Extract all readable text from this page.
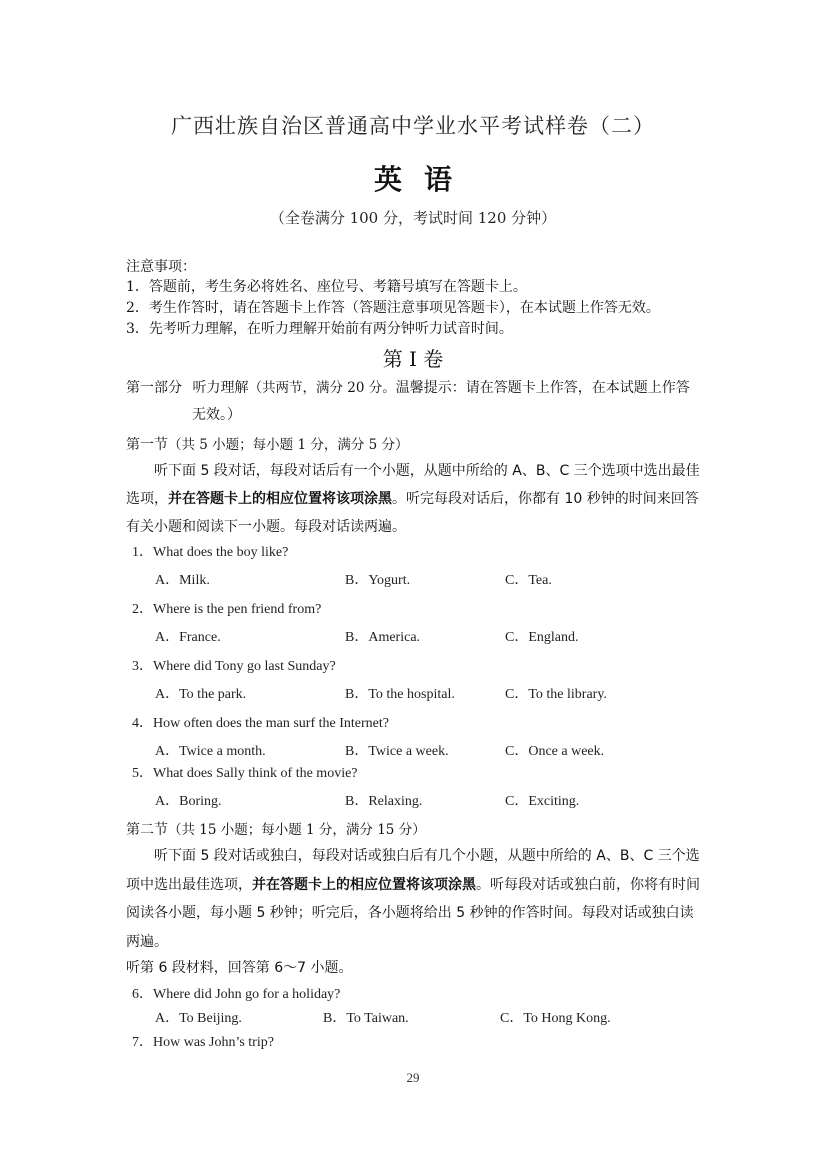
广西壮族自治区普通高中学业水平考试样卷（二）
英语
（全卷满分 100 分，考试时间 120 分钟）
注意事项：
1．答题前，考生务必将姓名、座位号、考籍号填写在答题卡上。
2．考生作答时，请在答题卡上作答（答题注意事项见答题卡），在本试题上作答无效。
3．先考听力理解，在听力理解开始前有两分钟听力试音时间。
第 I 卷
第一部分 听力理解（共两节，满分 20 分。温馨提示：请在答题卡上作答，在本试题上作答
无效。）
第一节（共 5 小题；每小题 1 分，满分 5 分）
听下面 5 段对话，每段对话后有一个小题，从题中所给的 A、B、C 三个选项中选出最佳选项，并在答题卡上的相应位置将该项涂黑。听完每段对话后，你都有 10 秒钟的时间来回答有关小题和阅读下一小题。每段对话读两遍。
1．What does the boy like?
A．Milk.	B．Yogurt.	C．Tea.
2．Where is the pen friend from?
A．France.	B．America.	C．England.
3．Where did Tony go last Sunday?
A．To the park.	B．To the hospital.	C．To the library.
4．How often does the man surf the Internet?
A．Twice a month.	B．Twice a week.	C．Once a week.
5．What does Sally think of the movie?
A．Boring.	B．Relaxing.	C．Exciting.
第二节（共 15 小题；每小题 1 分，满分 15 分）
听下面 5 段对话或独白，每段对话或独白后有几个小题，从题中所给的 A、B、C 三个选项中选出最佳选项，并在答题卡上的相应位置将该项涂黑。听每段对话或独白前，你将有时间阅读各小题，每小题 5 秒钟；听完后，各小题将给出 5 秒钟的作答时间。每段对话或独白读两遍。
听第 6 段材料，回答第 6～7 小题。
6．Where did John go for a holiday?
A．To Beijing.	B．To Taiwan.	C．To Hong Kong.
7．How was John’s trip?
29
